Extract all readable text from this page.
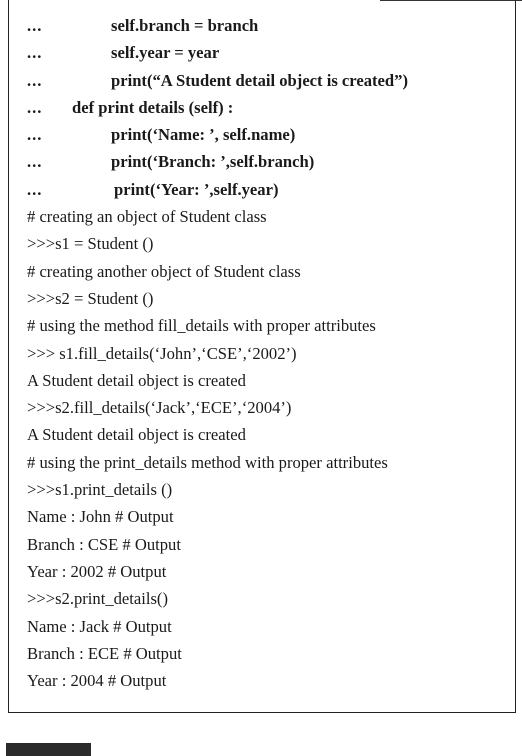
...	self.branch = branch
...	self.year = year
...	print(“A Student detail object is created”)
... def print details (self) :
...	print(‘Name: ’, self.name)
...	print(‘Branch: ’,self.branch)
...	print(‘Year: ’,self.year)
# creating an object of Student class
>>>s1 = Student ()
# creating another object of Student class
>>>s2 = Student ()
# using the method fill_details with proper attributes
>>> s1.fill_details(‘John’,‘CSE’,‘2002’)
A Student detail object is created
>>>s2.fill_details(‘Jack’,‘ECE’,‘2004’)
A Student detail object is created
# using the print_details method with proper attributes
>>>s1.print_details ()
Name : John # Output
Branch : CSE # Output
Year : 2002 # Output
>>>s2.print_details()
Name : Jack # Output
Branch : ECE # Output
Year : 2004 # Output
